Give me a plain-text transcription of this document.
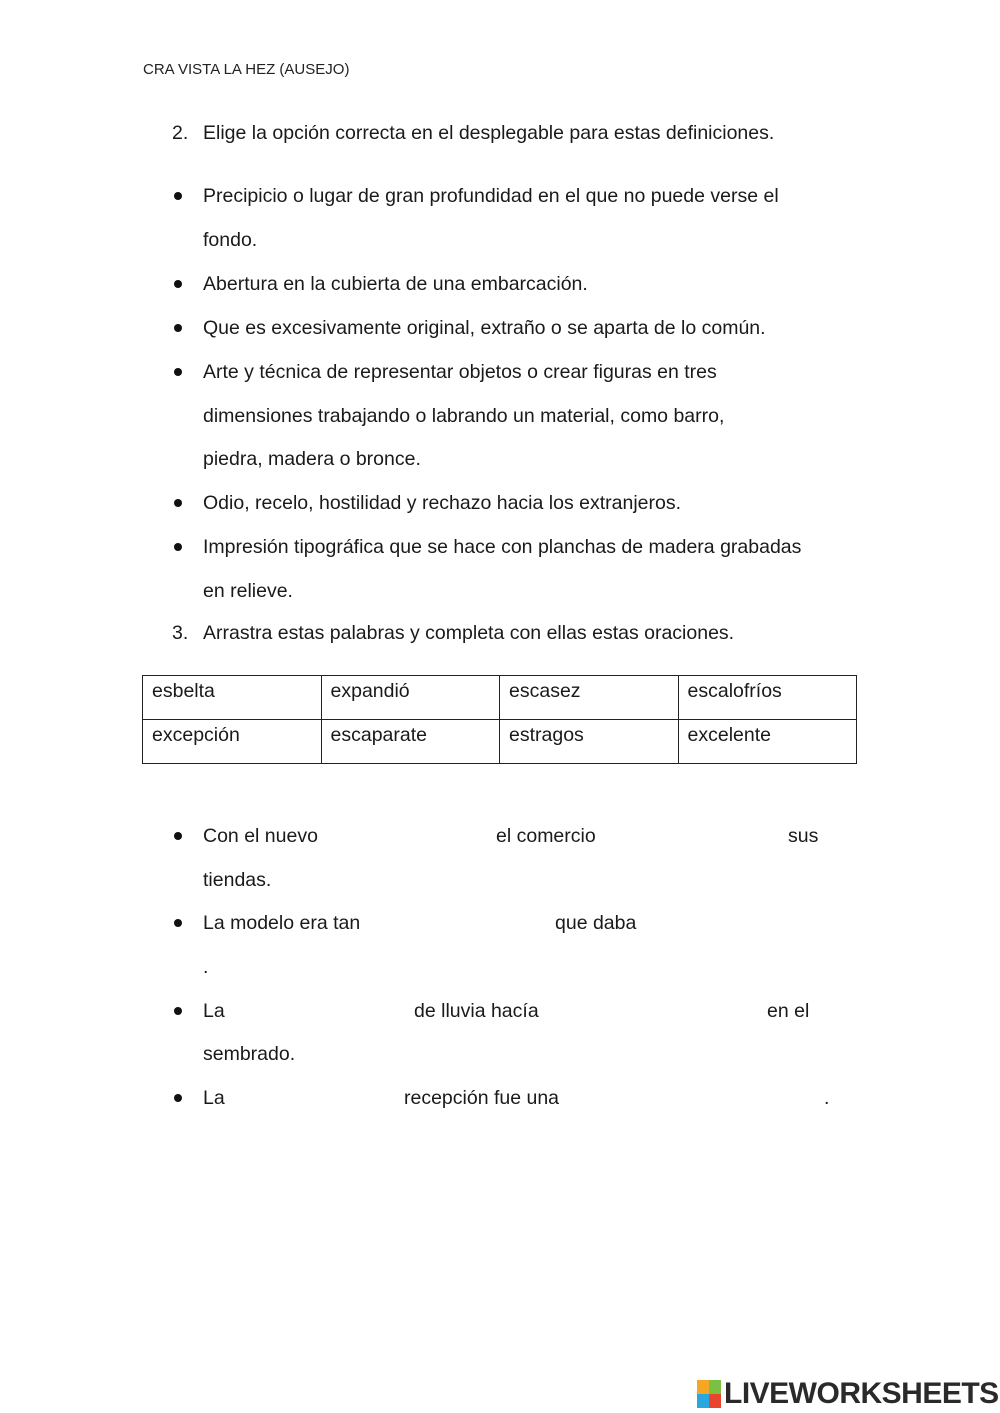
CRA VISTA LA HEZ (AUSEJO)
2. Elige la opción correcta en el desplegable para estas definiciones.
Precipicio o lugar de gran profundidad en el que no puede verse el
fondo.
Abertura en la cubierta de una embarcación.
Que es excesivamente original, extraño o se aparta de lo común.
Arte y técnica de representar objetos o crear figuras en tres
dimensiones trabajando o labrando un material, como barro,
piedra, madera o bronce.
Odio, recelo, hostilidad y rechazo hacia los extranjeros.
Impresión tipográfica que se hace con planchas de madera grabadas
en relieve.
3. Arrastra estas palabras y completa con ellas estas oraciones.
esbelta	expandió	escasez	escalofríos
excepción	escaparate	estragos	excelente
Con el nuevo	el comercio	sus
tiendas.
La modelo era tan	que daba
.
La	de lluvia hacía	en el
sembrado.
La	recepción fue una	.
LIVEWORKSHEETS
